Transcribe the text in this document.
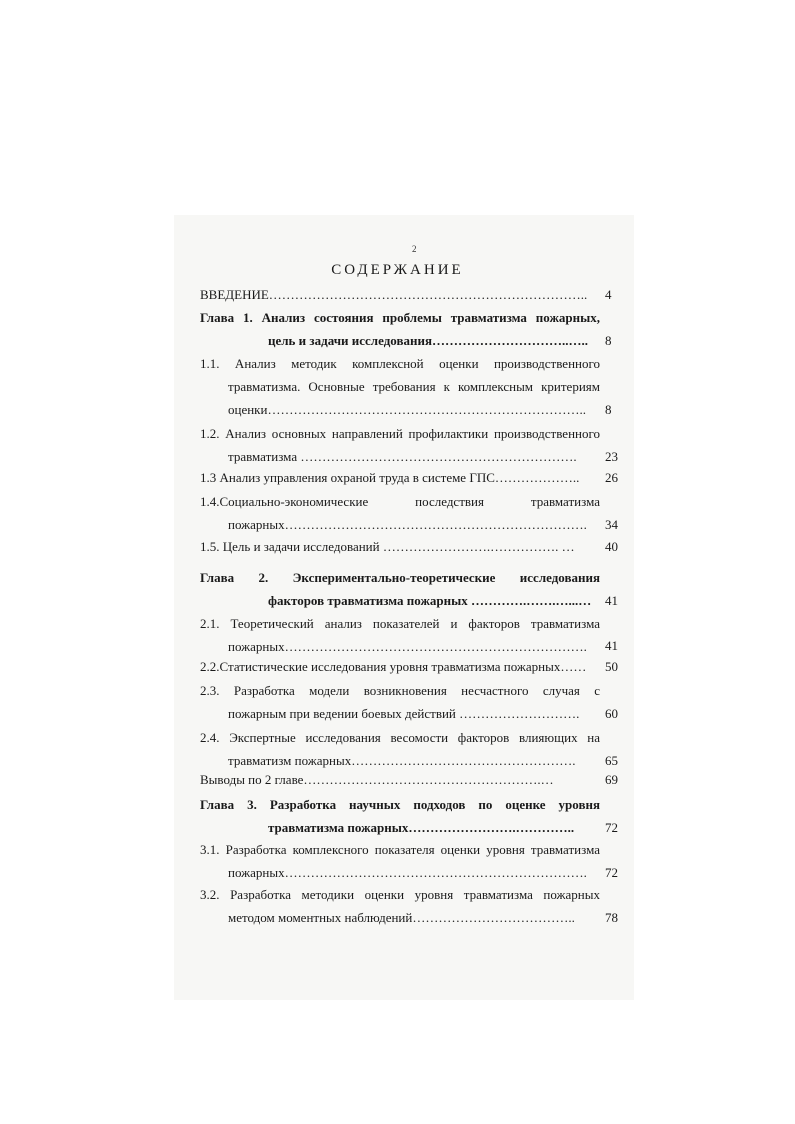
2
СОДЕРЖАНИЕ
ВВЕДЕНИЕ………………………………………………………………..	4
Глава 1. Анализ состояния проблемы травматизма пожарных,
цель и задачи исследования…………………………..…..	8
1.1. Анализ методик комплексной оценки производственного
травматизма. Основные требования к комплексным критериям
оценки………………………………………………………………..	8
1.2. Анализ основных направлений профилактики производственного
травматизма ……………………………………………………….	23
1.3 Анализ управления охраной труда в системе ГПС………………..	26
1.4.Социально-экономические последствия травматизма
пожарных…………………………………………………………….	34
1.5. Цель и задачи исследований …………………….……………. …	40
Глава 2. Экспериментально-теоретические исследования
факторов травматизма пожарных ………….…….…...…	41
2.1. Теоретический анализ показателей и факторов травматизма
пожарных…………………………………………………………….	41
2.2.Статистические исследования уровня травматизма пожарных……	50
2.3. Разработка модели возникновения несчастного случая с
пожарным при ведении боевых действий ……………………….	60
2.4. Экспертные исследования весомости факторов влияющих на
травматизм пожарных…………………………………………….	65
Выводы по 2 главе……………………………………………….…	69
Глава 3. Разработка научных подходов по оценке уровня
травматизма пожарных…………………….…………..	72
3.1. Разработка комплексного показателя оценки уровня травматизма
пожарных…………………………………………………………….	72
3.2. Разработка методики оценки уровня травматизма пожарных
методом моментных наблюдений………………………………..	78
